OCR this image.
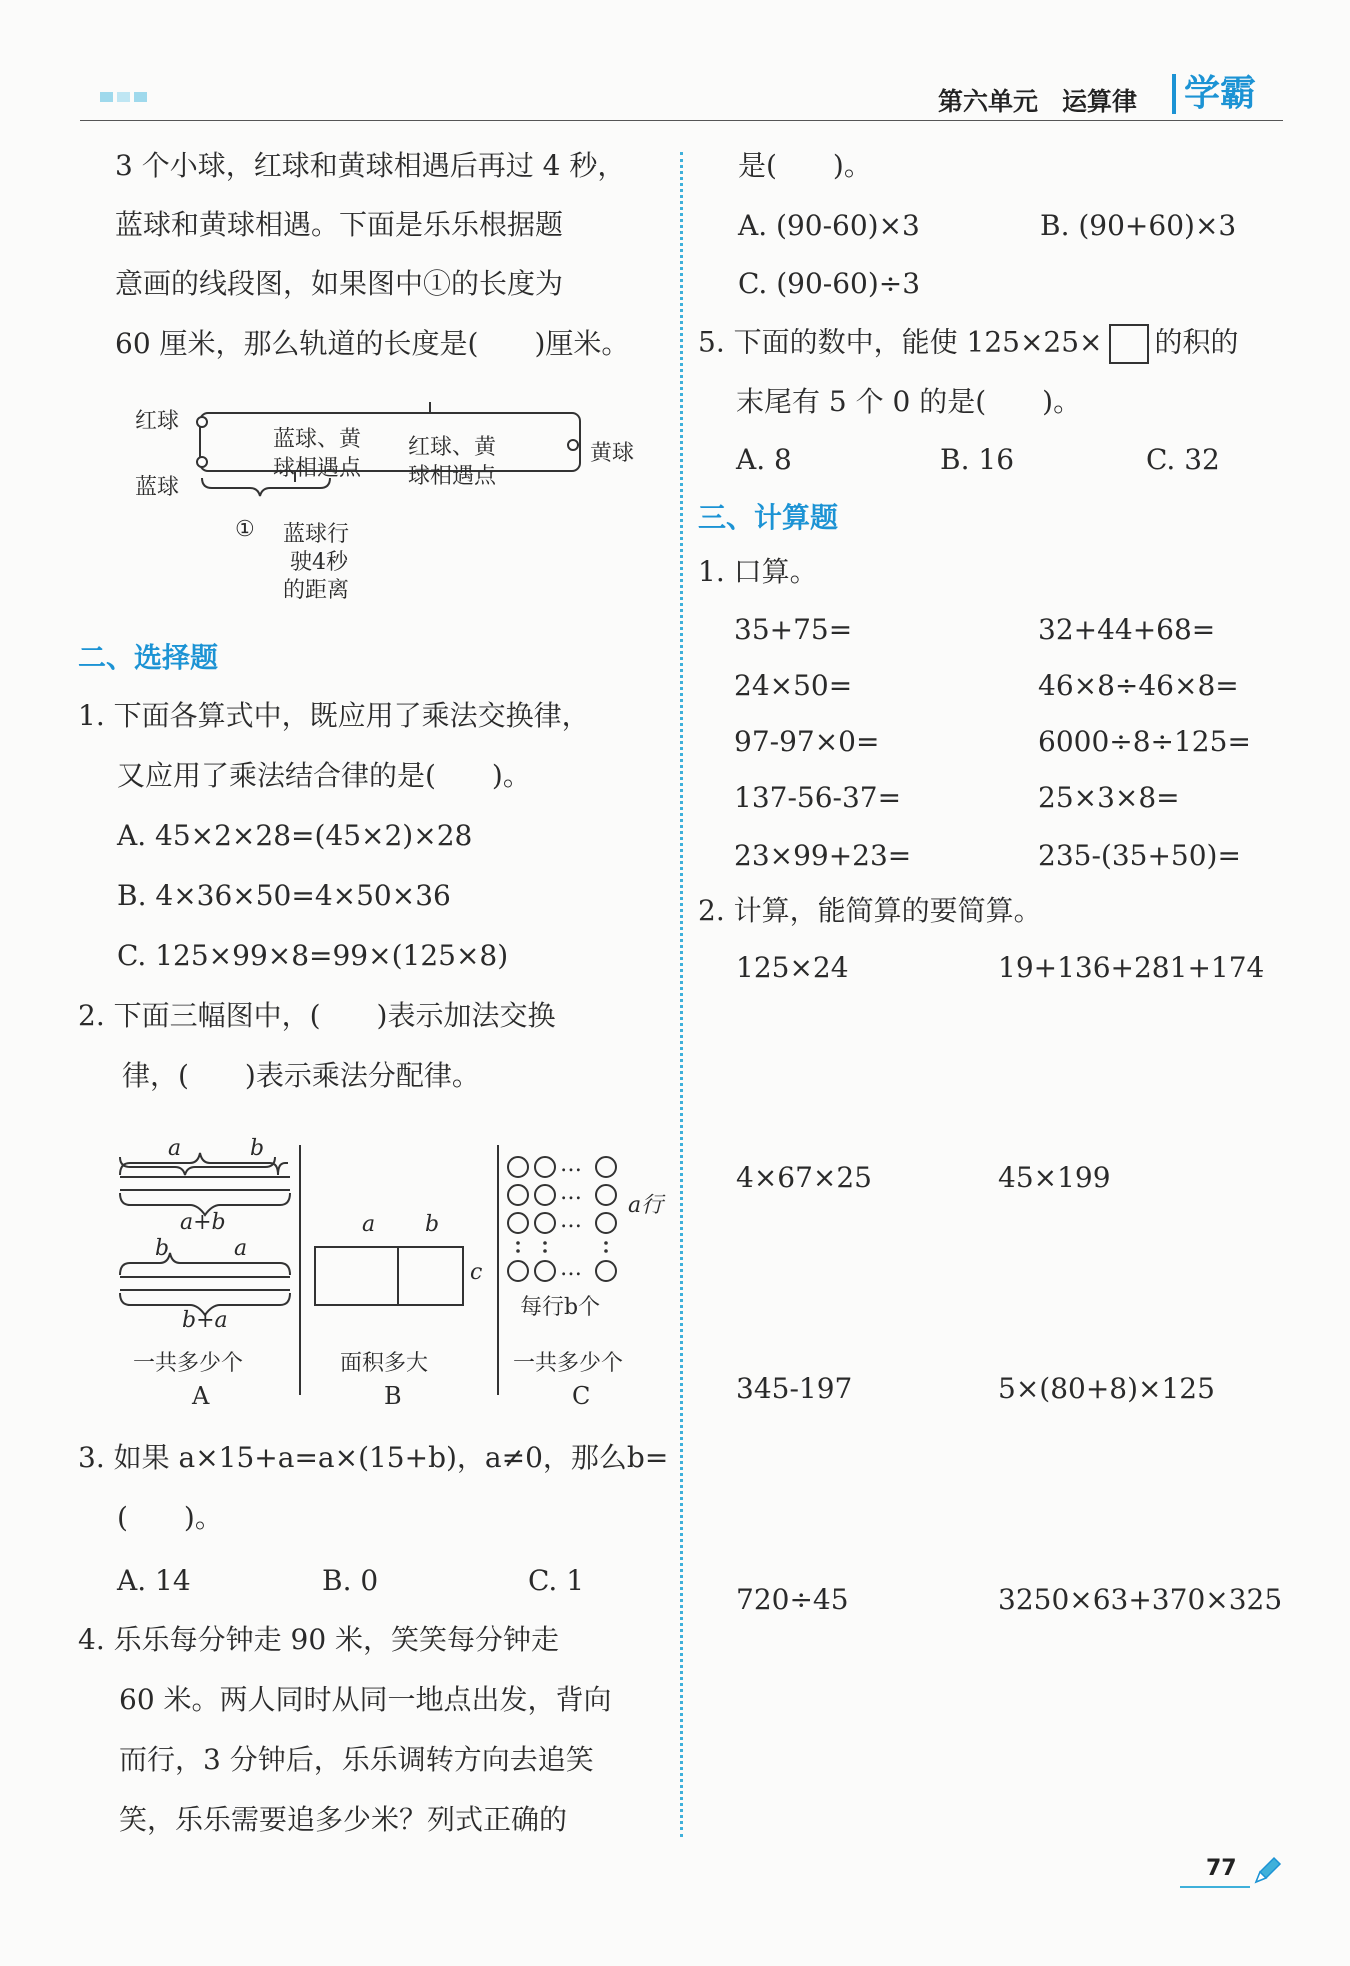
第六单元 运算律	学霸
3 个小球，红球和黄球相遇后再过 4 秒，
蓝球和黄球相遇。下面是乐乐根据题
意画的线段图，如果图中①的长度为
60 厘米，那么轨道的长度是(　　)厘米。
红球
蓝球
黄球
蓝球、黄
球相遇点
红球、黄
球相遇点
① 蓝球行
驶4秒
的距离
二、选择题
1. 下面各算式中，既应用了乘法交换律，
又应用了乘法结合律的是(　　)。
A. 45×2×28=(45×2)×28
B. 4×36×50=4×50×36
C. 125×99×8=99×(125×8)
2. 下面三幅图中，(　　)表示加法交换
律，(　　)表示乘法分配律。
a	b
a+b
b	a
b+a
一共多少个
A
a b
c
面积多大
B
…
…
…
…
a行
每行b个
一共多少个
C
3. 如果 a×15+a=a×(15+b)，a≠0，那么b=
(　　)。
A. 14	B. 0	C. 1
4. 乐乐每分钟走 90 米，笑笑每分钟走
60 米。两人同时从同一地点出发，背向
而行，3 分钟后，乐乐调转方向去追笑
笑，乐乐需要追多少米？列式正确的
是(　　)。
A. (90-60)×3	B. (90+60)×3
C. (90-60)÷3
5. 下面的数中，能使 125×25× 的积的
末尾有 5 个 0 的是(　　)。
A. 8	B. 16	C. 32
三、计算题
1. 口算。
35+75=	32+44+68=
24×50=	46×8÷46×8=
97-97×0=	6000÷8÷125=
137-56-37=	25×3×8=
23×99+23=	235-(35+50)=
2. 计算，能简算的要简算。
125×24	19+136+281+174
4×67×25	45×199
345-197	5×(80+8)×125
720÷45	3250×63+370×325
77
